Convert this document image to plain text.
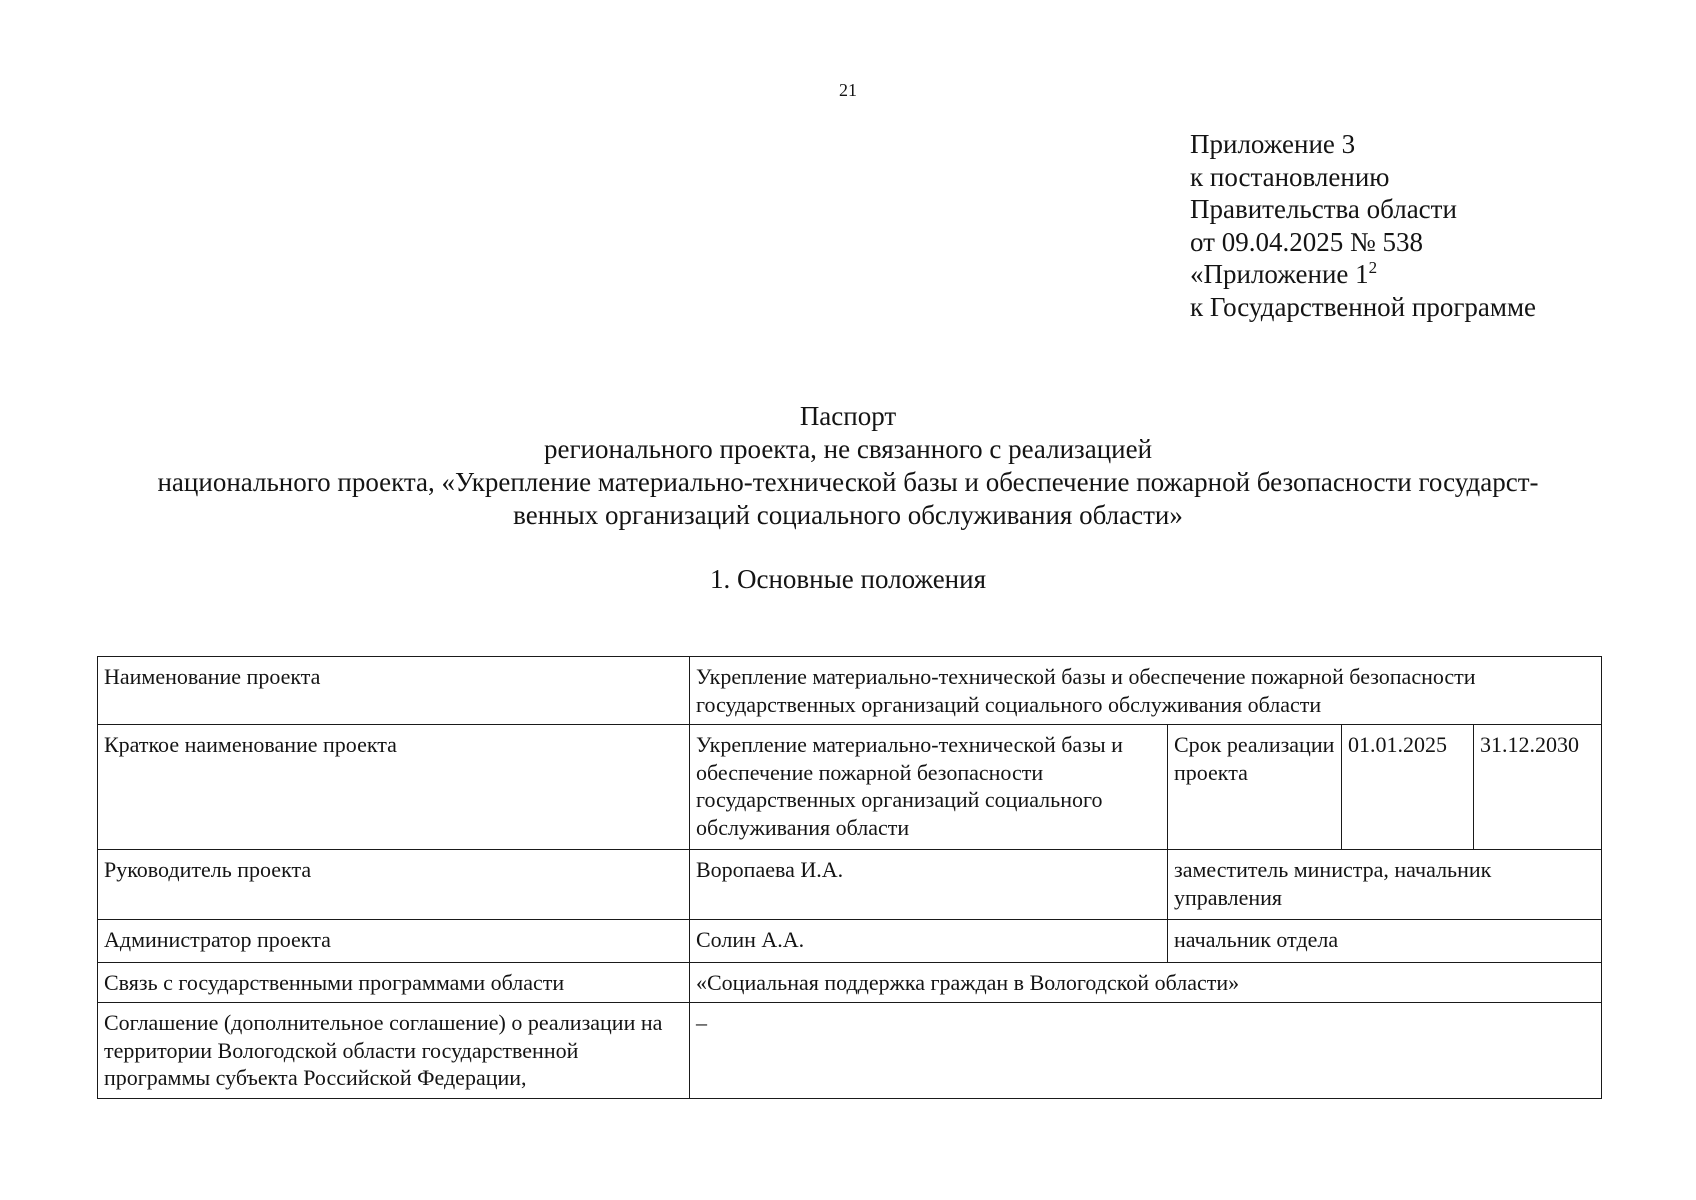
21
Приложение 3
к постановлению
Правительства области
от 09.04.2025 № 538
«Приложение $1^2$
к Государственной программе
Паспорт
регионального проекта, не связанного с реализацией
национального проекта, «Укрепление материально-технической базы и обеспечение пожарной безопасности государст-
венных организаций социального обслуживания области»
1. Основные положения
Наименование проекта	Укрепление материально-технической базы и обеспечение пожарной безопасности государственных организаций социального обслуживания области			
Краткое наименование проекта	Укрепление материально-технической базы и обеспечение пожарной безопасности государственных организаций социального обслуживания области	Срок реализации проекта	01.01.2025	31.12.2030
Руководитель проекта	Воропаева И.А.	заместитель министра, начальник управления		
Администратор проекта	Солин А.А.	начальник отдела		
Связь с государственными программами области	«Социальная поддержка граждан в Вологодской области»			
Соглашение (дополнительное соглашение) о реализации на территории Вологодской области государственной программы субъекта Российской Федерации,	–			
